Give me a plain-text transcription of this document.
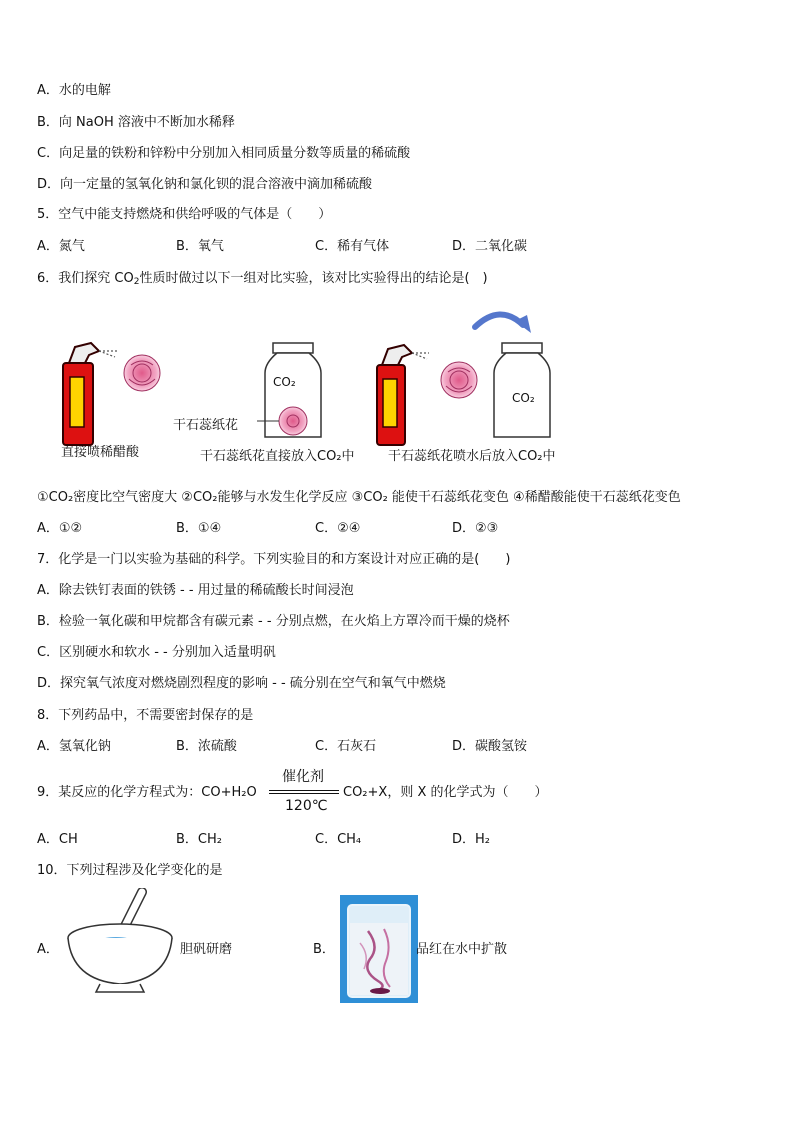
A．水的电解
B．向 NaOH 溶液中不断加水稀释
C．向足量的铁粉和锌粉中分别加入相同质量分数等质量的稀硫酸
D．向一定量的氢氧化钠和氯化钡的混合溶液中滴加稀硫酸
5．空气中能支持燃烧和供给呼吸的气体是（　　）
A．氮气	B．氧气	C．稀有气体	D．二氧化碳
6．我们探究 $CO_2$性质时做过以下一组对比实验，该对比实验得出的结论是(　)
CO₂
CO₂
干石蕊纸花
直接喷稀醋酸	干石蕊纸花直接放入CO₂中	干石蕊纸花喷水后放入CO₂中
①CO₂密度比空气密度大 ②CO₂能够与水发生化学反应 ③CO₂ 能使干石蕊纸花变色 ④稀醋酸能使干石蕊纸花变色
A．①②	B．①④	C．②④	D．②③
7．化学是一门以实验为基础的科学。下列实验目的和方案设计对应正确的是(　　)
A．除去铁钉表面的铁锈 - - 用过量的稀硫酸长时间浸泡
B．检验一氧化碳和甲烷都含有碳元素 - - 分别点燃，在火焰上方罩冷而干燥的烧杯
C．区别硬水和软水 - - 分别加入适量明矾
D．探究氧气浓度对燃烧剧烈程度的影响 - - 硫分别在空气和氧气中燃烧
8．下列药品中，不需要密封保存的是
A．氢氧化钠	B．浓硫酸	C．石灰石	D．碳酸氢铵
9．某反应的化学方程式为：CO+H₂O
催化剂
120℃
CO₂+X，则 X 的化学式为（　　）
A．CH	B．CH₂	C．CH₄	D．H₂
10．下列过程涉及化学变化的是
A．	胆矾研磨	B．	品红在水中扩散
